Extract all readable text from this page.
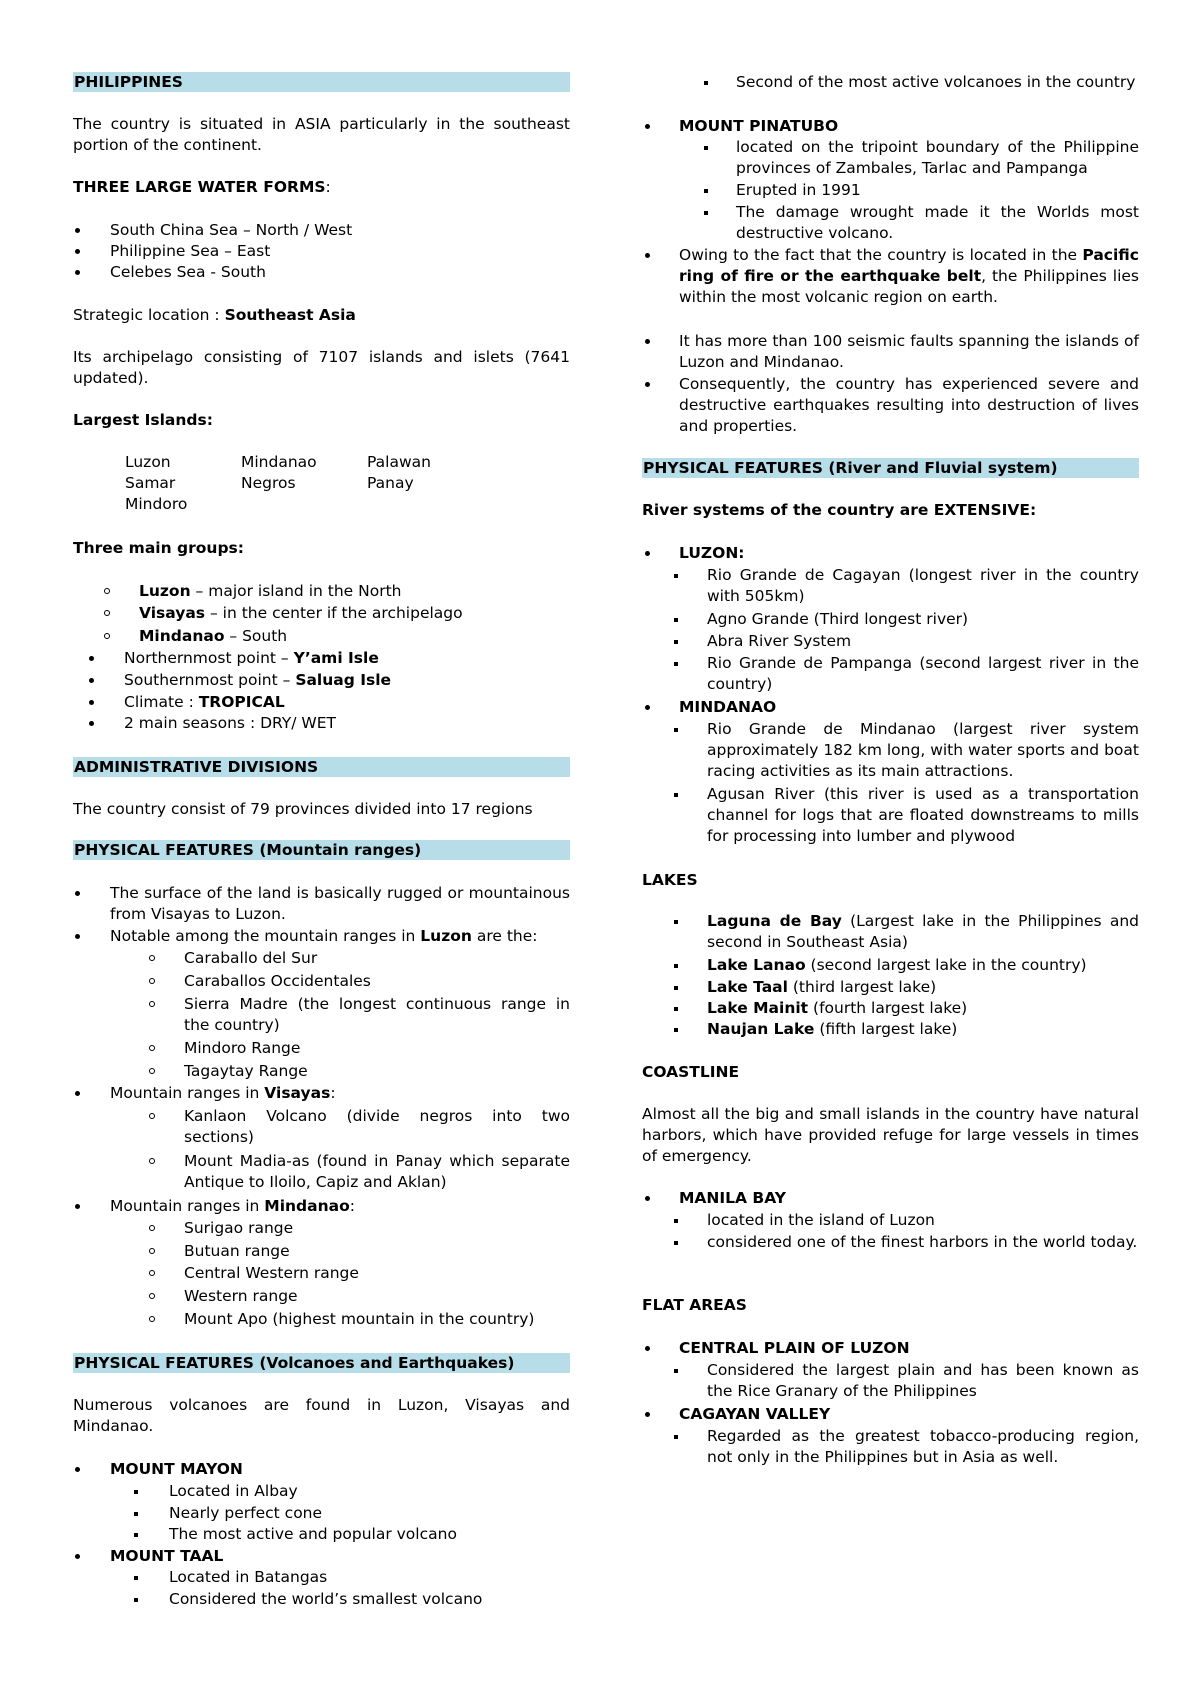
PHILIPPINES
The country is situated in ASIA particularly in the southeast portion of the continent.
THREE LARGE WATER FORMS:
South China Sea – North / West
Philippine Sea – East
Celebes Sea - South
Strategic location : Southeast Asia
Its archipelago consisting of 7107 islands and islets (7641 updated).
Largest Islands:
Luzon	Mindanao	Palawan
Samar	Negros	Panay
Mindoro
Three main groups:
Luzon – major island in the North
Visayas – in the center if the archipelago
Mindanao – South
Northernmost point – Y’ami Isle
Southernmost point – Saluag Isle
Climate : TROPICAL
2 main seasons : DRY/ WET
ADMINISTRATIVE DIVISIONS
The country consist of 79 provinces divided into 17 regions
PHYSICAL FEATURES (Mountain ranges)
The surface of the land is basically rugged or mountainous from Visayas to Luzon.
Notable among the mountain ranges in Luzon are the:
Caraballo del Sur
Caraballos Occidentales
Sierra Madre (the longest continuous range in the country)
Mindoro Range
Tagaytay Range
Mountain ranges in Visayas:
Kanlaon Volcano (divide negros into two sections)
Mount Madia-as (found in Panay which separate Antique to Iloilo, Capiz and Aklan)
Mountain ranges in Mindanao:
Surigao range
Butuan range
Central Western range
Western range
Mount Apo (highest mountain in the country)
PHYSICAL FEATURES (Volcanoes and Earthquakes)
Numerous volcanoes are found in Luzon, Visayas and Mindanao.
MOUNT MAYON
Located in Albay
Nearly perfect cone
The most active and popular volcano
MOUNT TAAL
Located in Batangas
Considered the world’s smallest volcano
Second of the most active volcanoes in the country
MOUNT PINATUBO
located on the tripoint boundary of the Philippine provinces of Zambales, Tarlac and Pampanga
Erupted in 1991
The damage wrought made it the Worlds most destructive volcano.
Owing to the fact that the country is located in the Pacific ring of fire or the earthquake belt, the Philippines lies within the most volcanic region on earth.
It has more than 100 seismic faults spanning the islands of Luzon and Mindanao.
Consequently, the country has experienced severe and destructive earthquakes resulting into destruction of lives and properties.
PHYSICAL FEATURES (River and Fluvial system)
River systems of the country are EXTENSIVE:
LUZON:
Rio Grande de Cagayan (longest river in the country with 505km)
Agno Grande (Third longest river)
Abra River System
Rio Grande de Pampanga (second largest river in the country)
MINDANAO
Rio Grande de Mindanao (largest river system approximately 182 km long, with water sports and boat racing activities as its main attractions.
Agusan River (this river is used as a transportation channel for logs that are floated downstreams to mills for processing into lumber and plywood
LAKES
Laguna de Bay (Largest lake in the Philippines and second in Southeast Asia)
Lake Lanao (second largest lake in the country)
Lake Taal (third largest lake)
Lake Mainit (fourth largest lake)
Naujan Lake (fifth largest lake)
COASTLINE
Almost all the big and small islands in the country have natural harbors, which have provided refuge for large vessels in times of emergency.
MANILA BAY
located in the island of Luzon
considered one of the finest harbors in the world today.
FLAT AREAS
CENTRAL PLAIN OF LUZON
Considered the largest plain and has been known as the Rice Granary of the Philippines
CAGAYAN VALLEY
Regarded as the greatest tobacco-producing region, not only in the Philippines but in Asia as well.
